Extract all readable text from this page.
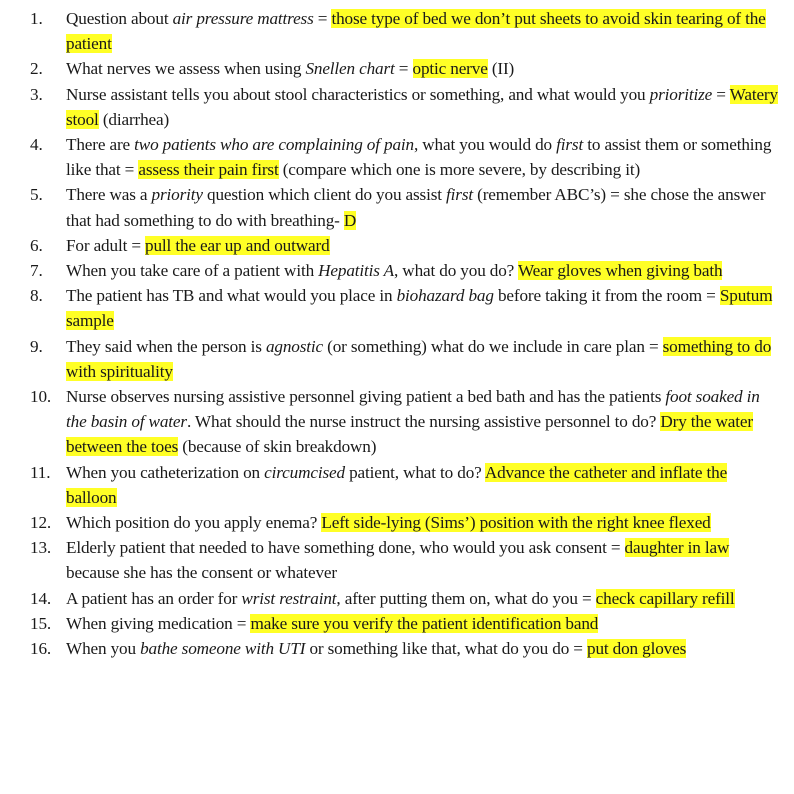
1.	Question about air pressure mattress = those type of bed we don’t put sheets to avoid skin tearing of the patient
2.	What nerves we assess when using Snellen chart = optic nerve (II)
3.	Nurse assistant tells you about stool characteristics or something, and what would you prioritize = Watery stool (diarrhea)
4.	There are two patients who are complaining of pain, what you would do first to assist them or something like that = assess their pain first (compare which one is more severe, by describing it)
5.	There was a priority question which client do you assist first (remember ABC’s) = she chose the answer that had something to do with breathing- D
6.	For adult = pull the ear up and outward
7.	When you take care of a patient with Hepatitis A, what do you do? Wear gloves when giving bath
8.	The patient has TB and what would you place in biohazard bag before taking it from the room = Sputum sample
9.	They said when the person is agnostic (or something) what do we include in care plan = something to do with spirituality
10. Nurse observes nursing assistive personnel giving patient a bed bath and has the patients foot soaked in the basin of water. What should the nurse instruct the nursing assistive personnel to do? Dry the water between the toes (because of skin breakdown)
11. When you catheterization on circumcised patient, what to do? Advance the catheter and inflate the balloon
12. Which position do you apply enema? Left side-lying (Sims’) position with the right knee flexed
13. Elderly patient that needed to have something done, who would you ask consent = daughter in law because she has the consent or whatever
14. A patient has an order for wrist restraint, after putting them on, what do you = check capillary refill
15. When giving medication = make sure you verify the patient identification band
16. When you bathe someone with UTI or something like that, what do you do = put don gloves
